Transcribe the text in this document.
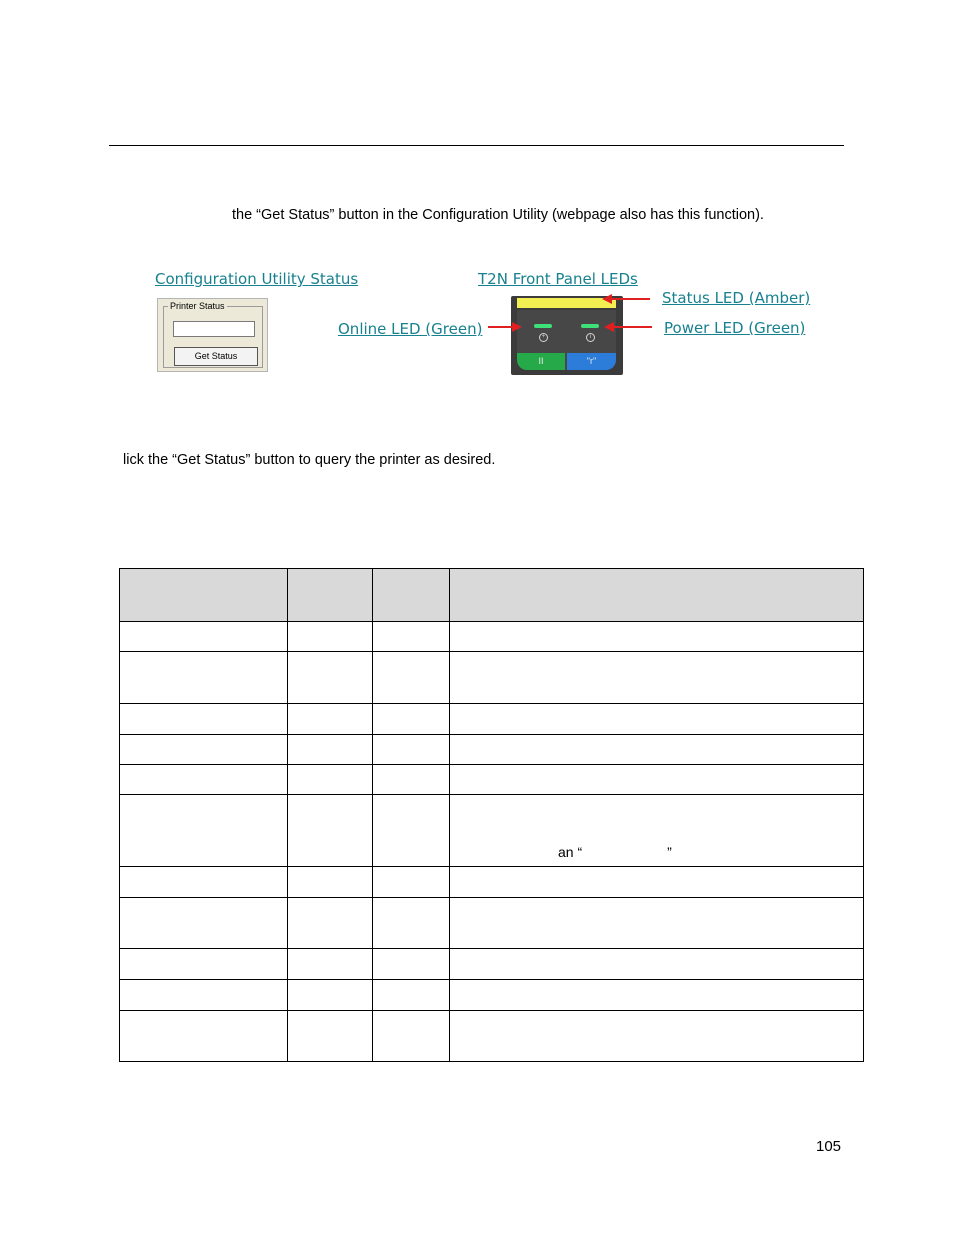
the “Get Status” button in the Configuration Utility (webpage also has this function).
Configuration Utility Status	T2N Front Panel LEDs
Status LED (Amber)
Power LED (Green)
Online LED (Green)
Printer Status
Get Status
+	i
II	"r"
lick the “Get Status” button to query the printer as desired.

			an “ ”

105
